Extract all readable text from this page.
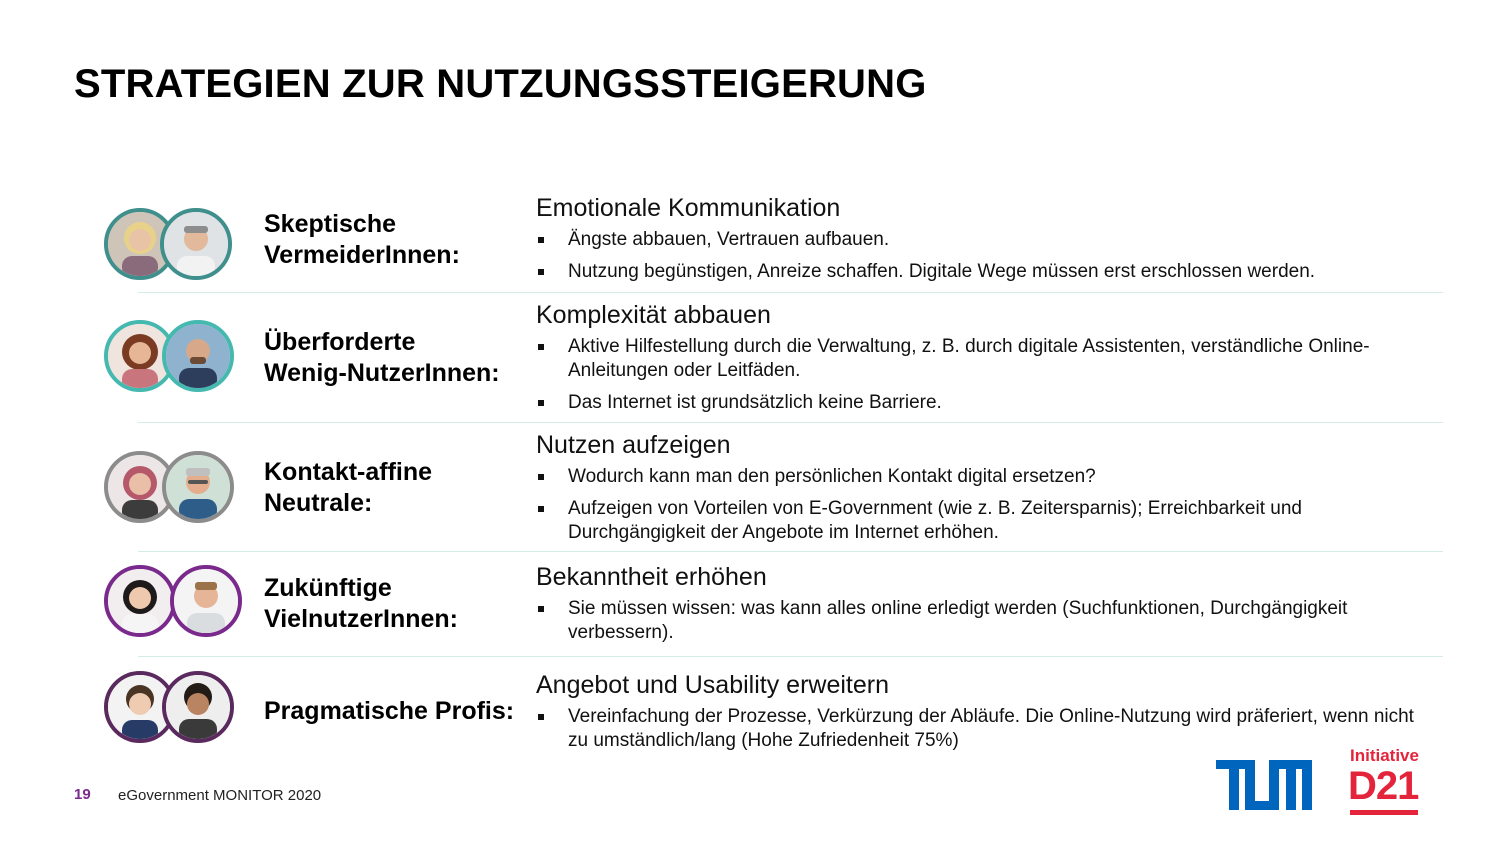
STRATEGIEN ZUR NUTZUNGSSTEIGERUNG
Skeptische
VermeiderInnen:

Emotionale Kommunikation

Ängste abbauen, Vertrauen aufbauen.
Nutzung begünstigen, Anreize schaffen. Digitale Wege müssen erst erschlossen werden.
Überforderte
Wenig-NutzerInnen:

Komplexität abbauen

Aktive Hilfestellung durch die Verwaltung, z. B. durch digitale Assistenten, verständliche Online-Anleitungen oder Leitfäden.
Das Internet ist grundsätzlich keine Barriere.
Kontakt-affine
Neutrale:

Nutzen aufzeigen

Wodurch kann man den persönlichen Kontakt digital ersetzen?
Aufzeigen von Vorteilen von E-Government (wie z. B. Zeitersparnis); Erreichbarkeit und Durchgängigkeit der Angebote im Internet erhöhen.
Zukünftige
VielnutzerInnen:

Bekanntheit erhöhen

Sie müssen wissen: was kann alles online erledigt werden (Suchfunktionen, Durchgängigkeit verbessern).
Pragmatische Profis:

Angebot und Usability erweitern

Vereinfachung der Prozesse, Verkürzung der Abläufe. Die Online-Nutzung wird präferiert, wenn nicht zu umständlich/lang (Hohe Zufriedenheit 75%)
19 eGovernment MONITOR 2020
Initiative
D21
